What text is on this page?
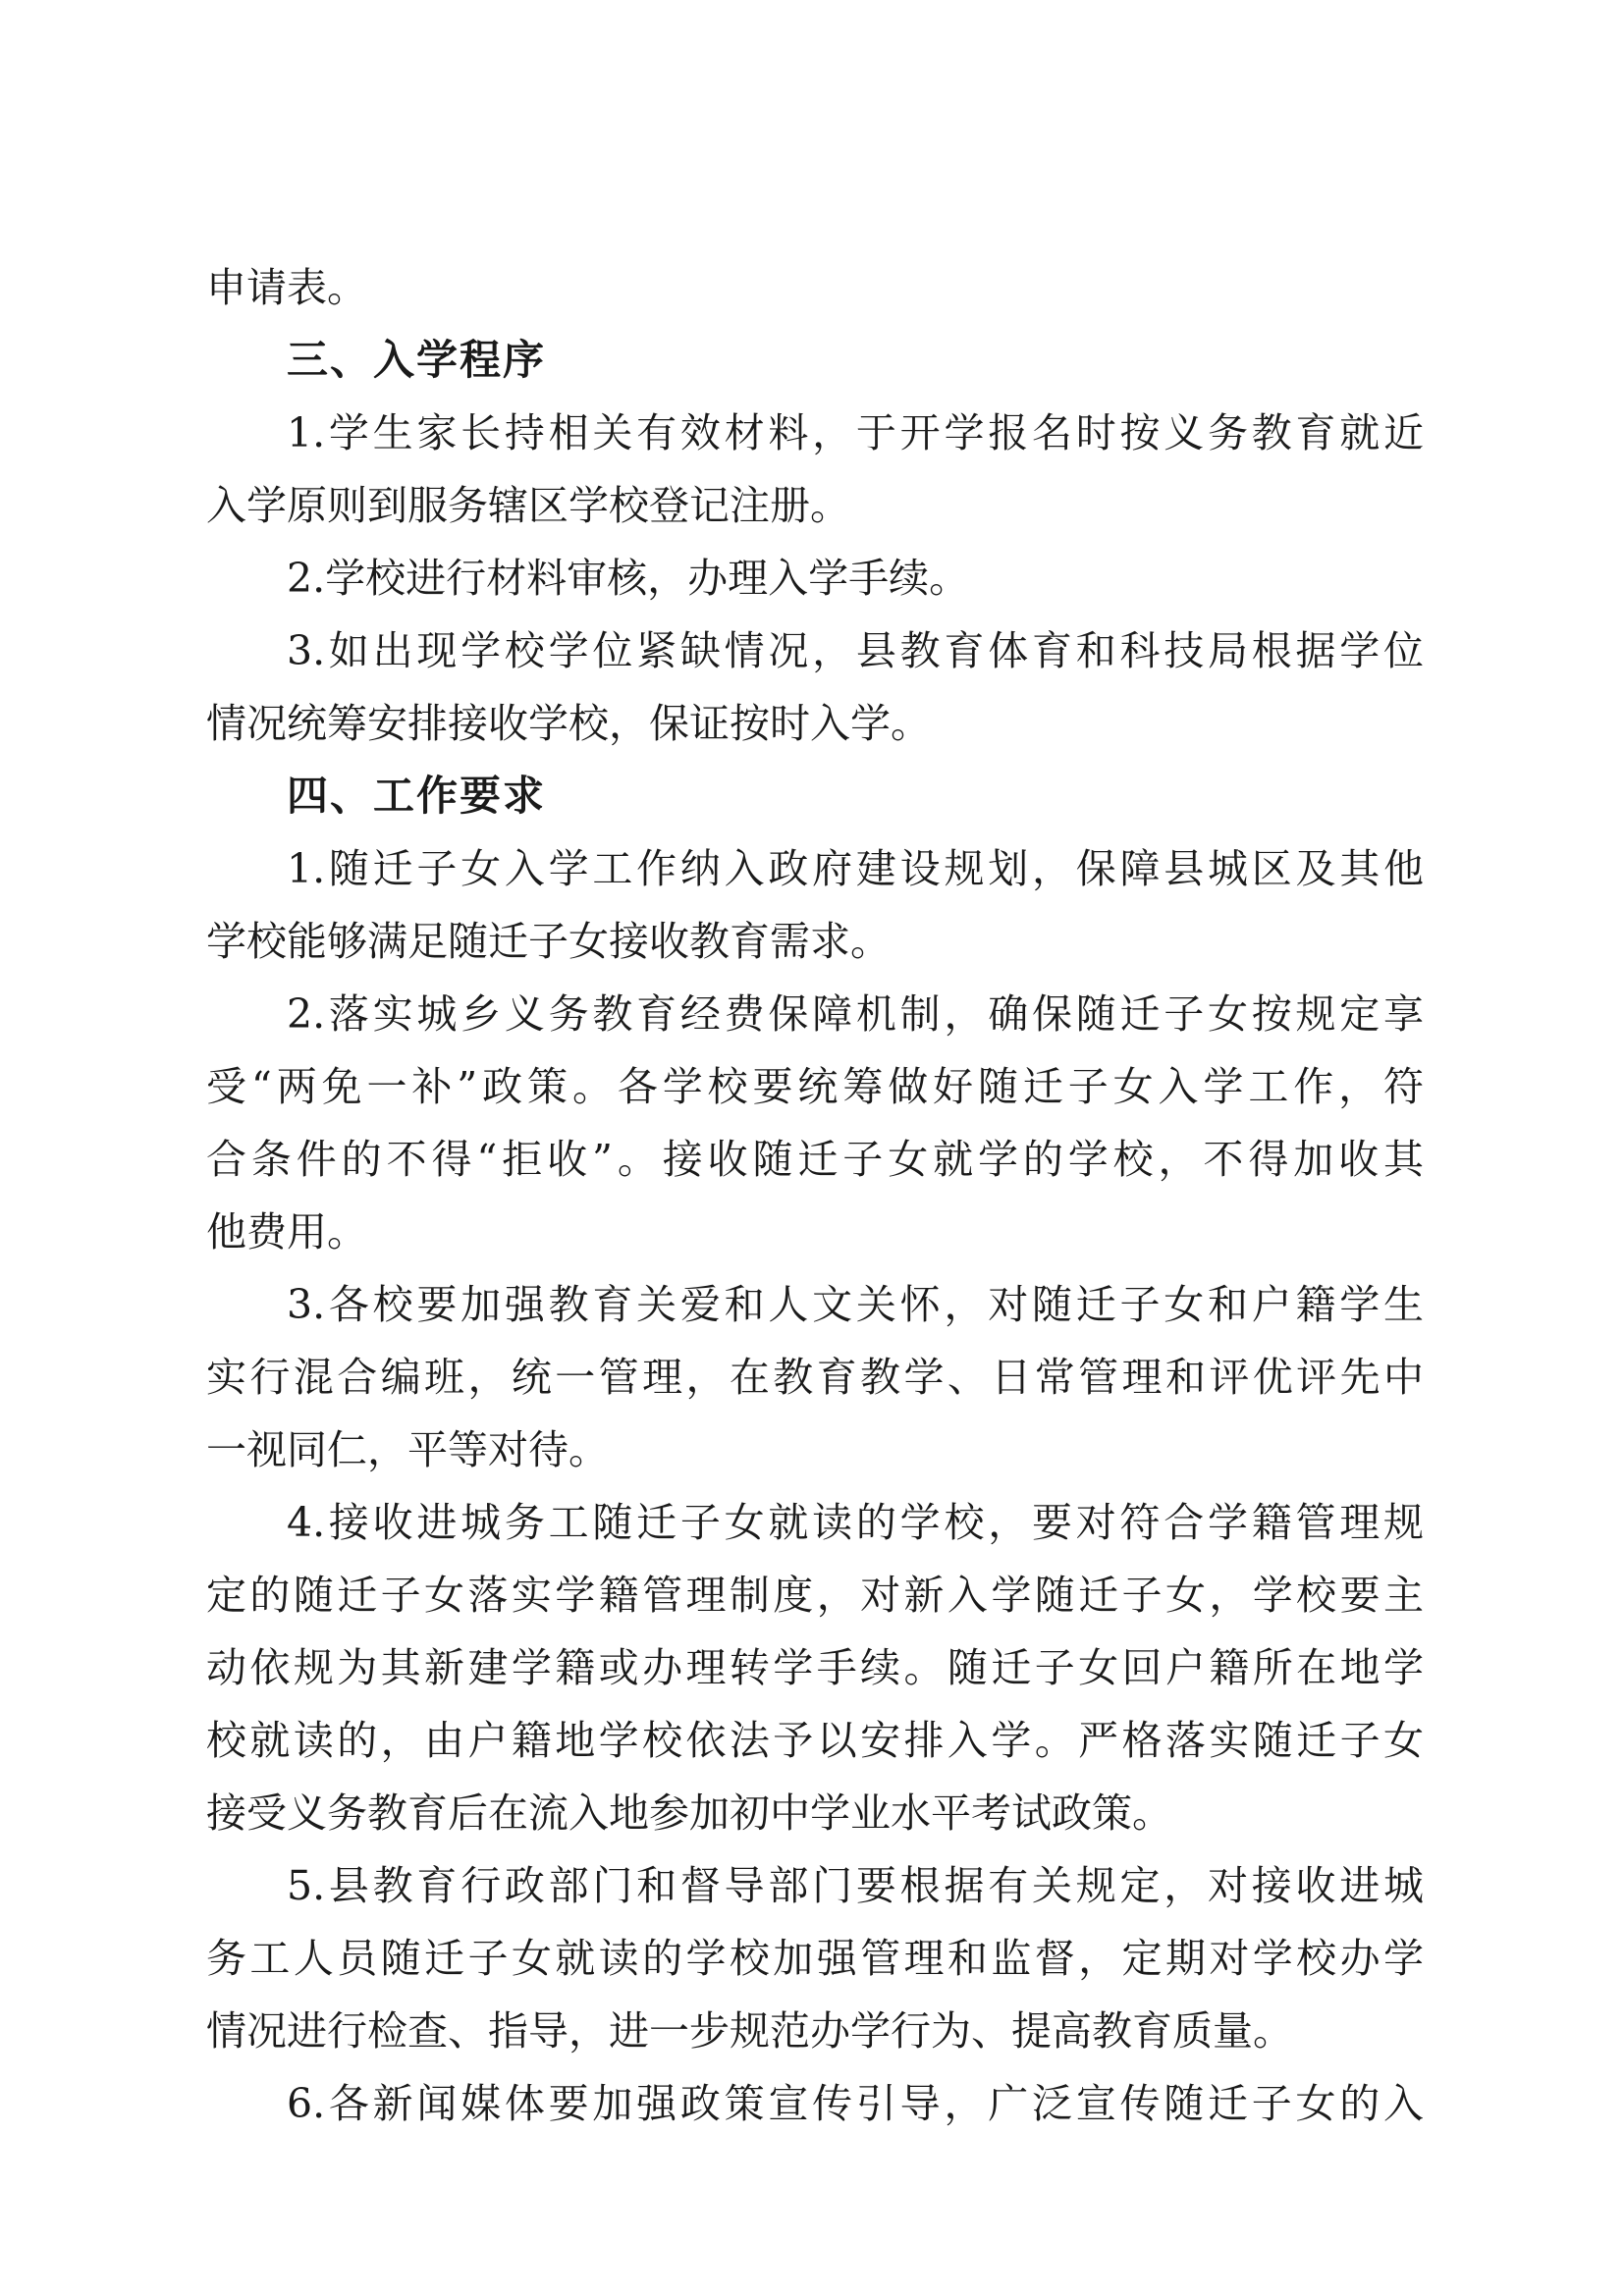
申请表。
三、入学程序
1.学生家长持相关有效材料，于开学报名时按义务教育就近
入学原则到服务辖区学校登记注册。
2.学校进行材料审核，办理入学手续。
3.如出现学校学位紧缺情况，县教育体育和科技局根据学位
情况统筹安排接收学校，保证按时入学。
四、工作要求
1.随迁子女入学工作纳入政府建设规划，保障县城区及其他
学校能够满足随迁子女接收教育需求。
2.落实城乡义务教育经费保障机制，确保随迁子女按规定享
受“两免一补”政策。各学校要统筹做好随迁子女入学工作，符
合条件的不得“拒收”。接收随迁子女就学的学校，不得加收其
他费用。
3.各校要加强教育关爱和人文关怀，对随迁子女和户籍学生
实行混合编班，统一管理，在教育教学、日常管理和评优评先中
一视同仁，平等对待。
4.接收进城务工随迁子女就读的学校，要对符合学籍管理规
定的随迁子女落实学籍管理制度，对新入学随迁子女，学校要主
动依规为其新建学籍或办理转学手续。随迁子女回户籍所在地学
校就读的，由户籍地学校依法予以安排入学。严格落实随迁子女
接受义务教育后在流入地参加初中学业水平考试政策。
5.县教育行政部门和督导部门要根据有关规定，对接收进城
务工人员随迁子女就读的学校加强管理和监督，定期对学校办学
情况进行检查、指导，进一步规范办学行为、提高教育质量。
6.各新闻媒体要加强政策宣传引导，广泛宣传随迁子女的入
